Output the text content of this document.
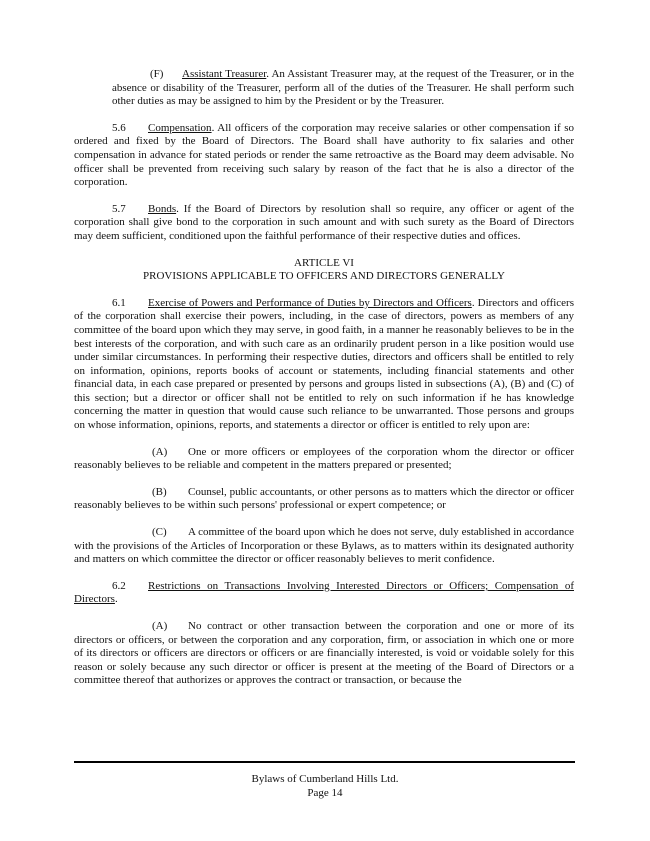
(F) Assistant Treasurer. An Assistant Treasurer may, at the request of the Treasurer, or in the absence or disability of the Treasurer, perform all of the duties of the Treasurer. He shall perform such other duties as may be assigned to him by the President or by the Treasurer.

5.6 Compensation. All officers of the corporation may receive salaries or other compensation if so ordered and fixed by the Board of Directors. The Board shall have authority to fix salaries and other compensation in advance for stated periods or render the same retroactive as the Board may deem advisable. No officer shall be prevented from receiving such salary by reason of the fact that he is also a director of the corporation.

5.7 Bonds. If the Board of Directors by resolution shall so require, any officer or agent of the corporation shall give bond to the corporation in such amount and with such surety as the Board of Directors may deem sufficient, conditioned upon the faithful performance of their respective duties and offices.

ARTICLE VI

PROVISIONS APPLICABLE TO OFFICERS AND DIRECTORS GENERALLY

6.1 Exercise of Powers and Performance of Duties by Directors and Officers. Directors and officers of the corporation shall exercise their powers, including, in the case of directors, powers as members of any committee of the board upon which they may serve, in good faith, in a manner he reasonably believes to be in the best interests of the corporation, and with such care as an ordinarily prudent person in a like position would use under similar circumstances. In performing their respective duties, directors and officers shall be entitled to rely on information, opinions, reports books of account or statements, including financial statements and other financial data, in each case prepared or presented by persons and groups listed in subsections (A), (B) and (C) of this section; but a director or officer shall not be entitled to rely on such information if he has knowledge concerning the matter in question that would cause such reliance to be unwarranted. Those persons and groups on whose information, opinions, reports, and statements a director or officer is entitled to rely upon are:

(A) One or more officers or employees of the corporation whom the director or officer reasonably believes to be reliable and competent in the matters prepared or presented;

(B) Counsel, public accountants, or other persons as to matters which the director or officer reasonably believes to be within such persons' professional or expert competence; or

(C) A committee of the board upon which he does not serve, duly established in accordance with the provisions of the Articles of Incorporation or these Bylaws, as to matters within its designated authority and matters on which committee the director or officer reasonably believes to merit confidence.

6.2 Restrictions on Transactions Involving Interested Directors or Officers; Compensation of Directors.

(A) No contract or other transaction between the corporation and one or more of its directors or officers, or between the corporation and any corporation, firm, or association in which one or more of its directors or officers are directors or officers or are financially interested, is void or voidable solely for this reason or solely because any such director or officer is present at the meeting of the Board of Directors or a committee thereof that authorizes or approves the contract or transaction, or because the

Bylaws of Cumberland Hills Ltd.
Page 14
